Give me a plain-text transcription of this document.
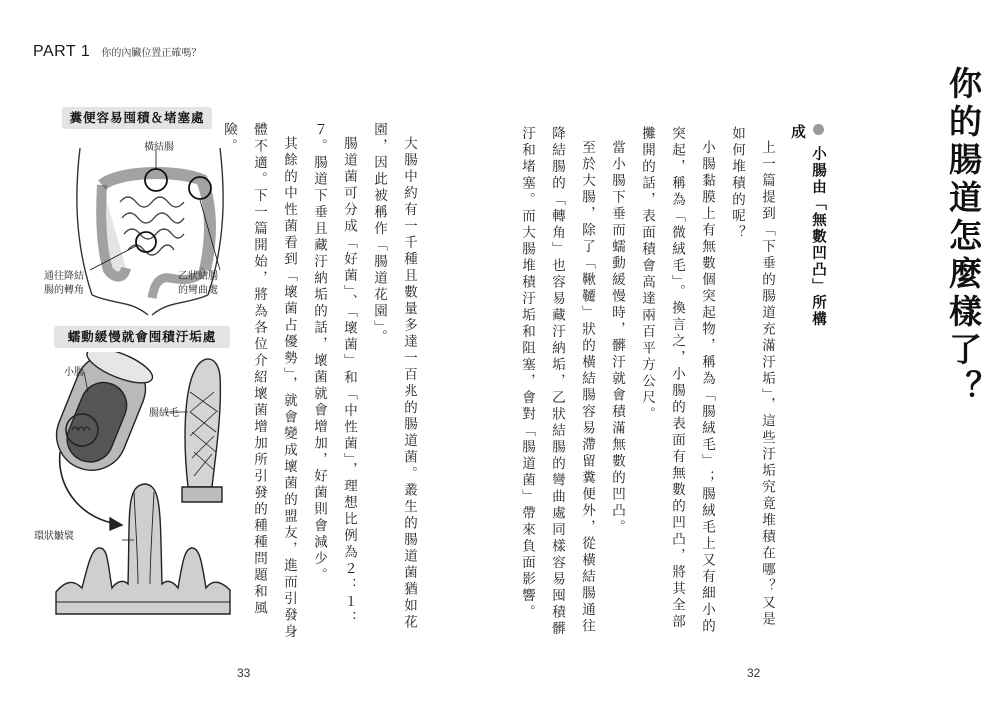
PART 1 你的內臟位置正確嗎？
糞便容易囤積＆堵塞處
橫結腸
通往降結
腸的轉角
乙狀結腸
的彎曲處
蠕動緩慢就會囤積汙垢處
小腸
腸絨毛
環狀皺襞	大腸中約有一千種且數量多達一百兆的腸道菌。叢生的腸道菌猶如花園，因此被稱作「腸道花園」。

腸道菌可分成「好菌」、「壞菌」和「中性菌」，理想比例為２：１：７。腸道下垂且藏汙納垢的話，壞菌就會增加，好菌則會減少。

其餘的中性菌看到「壞菌占優勢」，就會變成壞菌的盟友，進而引發身體不適。下一篇開始，將為各位介紹壞菌增加所引發的種種問題和風險。

33
你的腸道怎麼樣了？
小腸由「無數凹凸」所構成

上一篇提到「下垂的腸道充滿汙垢」，這些汙垢究竟堆積在哪？又是如何堆積的呢？

小腸黏膜上有無數個突起物，稱為「腸絨毛」；腸絨毛上又有細小的突起，稱為「微絨毛」。換言之，小腸的表面有無數的凹凸，將其全部攤開的話，表面積會高達兩百平方公尺。

當小腸下垂而蠕動緩慢時，髒汙就會積滿無數的凹凸。

至於大腸，除了「鞦韆」狀的橫結腸容易滯留糞便外，從橫結腸通往降結腸的「轉角」也容易藏汙納垢，乙狀結腸的彎曲處同樣容易囤積髒汙和堵塞。而大腸堆積汙垢和阻塞，會對「腸道菌」帶來負面影響。

32
